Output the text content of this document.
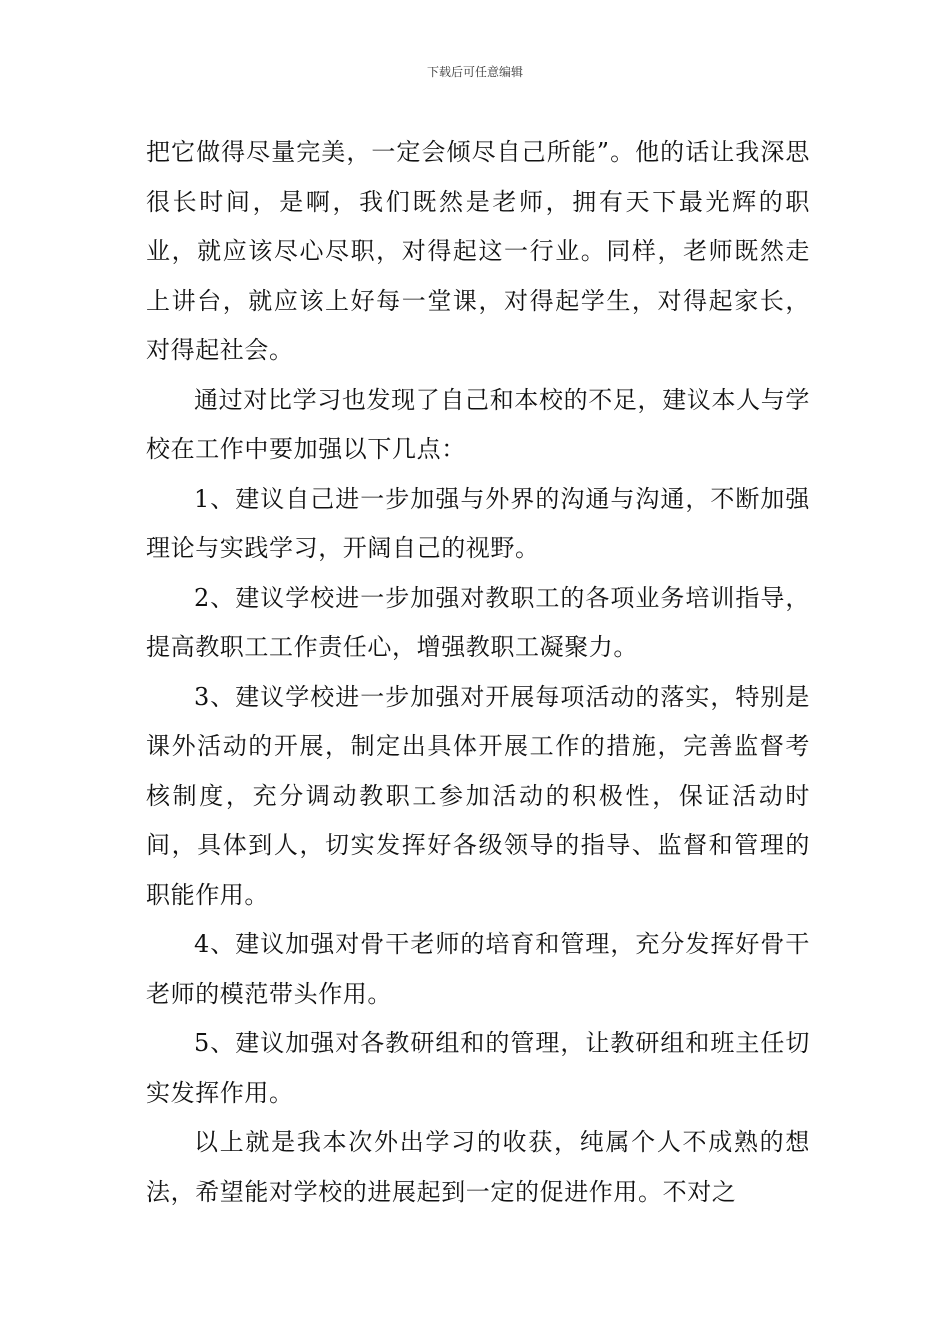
下载后可任意编辑

把它做得尽量完美，一定会倾尽自己所能”。他的话让我深思很长时间，是啊，我们既然是老师，拥有天下最光辉的职业，就应该尽心尽职，对得起这一行业。同样，老师既然走上讲台，就应该上好每一堂课，对得起学生，对得起家长，对得起社会。

通过对比学习也发现了自己和本校的不足，建议本人与学校在工作中要加强以下几点：

1、建议自己进一步加强与外界的沟通与沟通，不断加强理论与实践学习，开阔自己的视野。

2、建议学校进一步加强对教职工的各项业务培训指导，提高教职工工作责任心，增强教职工凝聚力。

3、建议学校进一步加强对开展每项活动的落实，特别是课外活动的开展，制定出具体开展工作的措施，完善监督考核制度，充分调动教职工参加活动的积极性，保证活动时间，具体到人，切实发挥好各级领导的指导、监督和管理的职能作用。

4、建议加强对骨干老师的培育和管理，充分发挥好骨干老师的模范带头作用。

5、建议加强对各教研组和的管理，让教研组和班主任切实发挥作用。

以上就是我本次外出学习的收获，纯属个人不成熟的想法，希望能对学校的进展起到一定的促进作用。不对之
